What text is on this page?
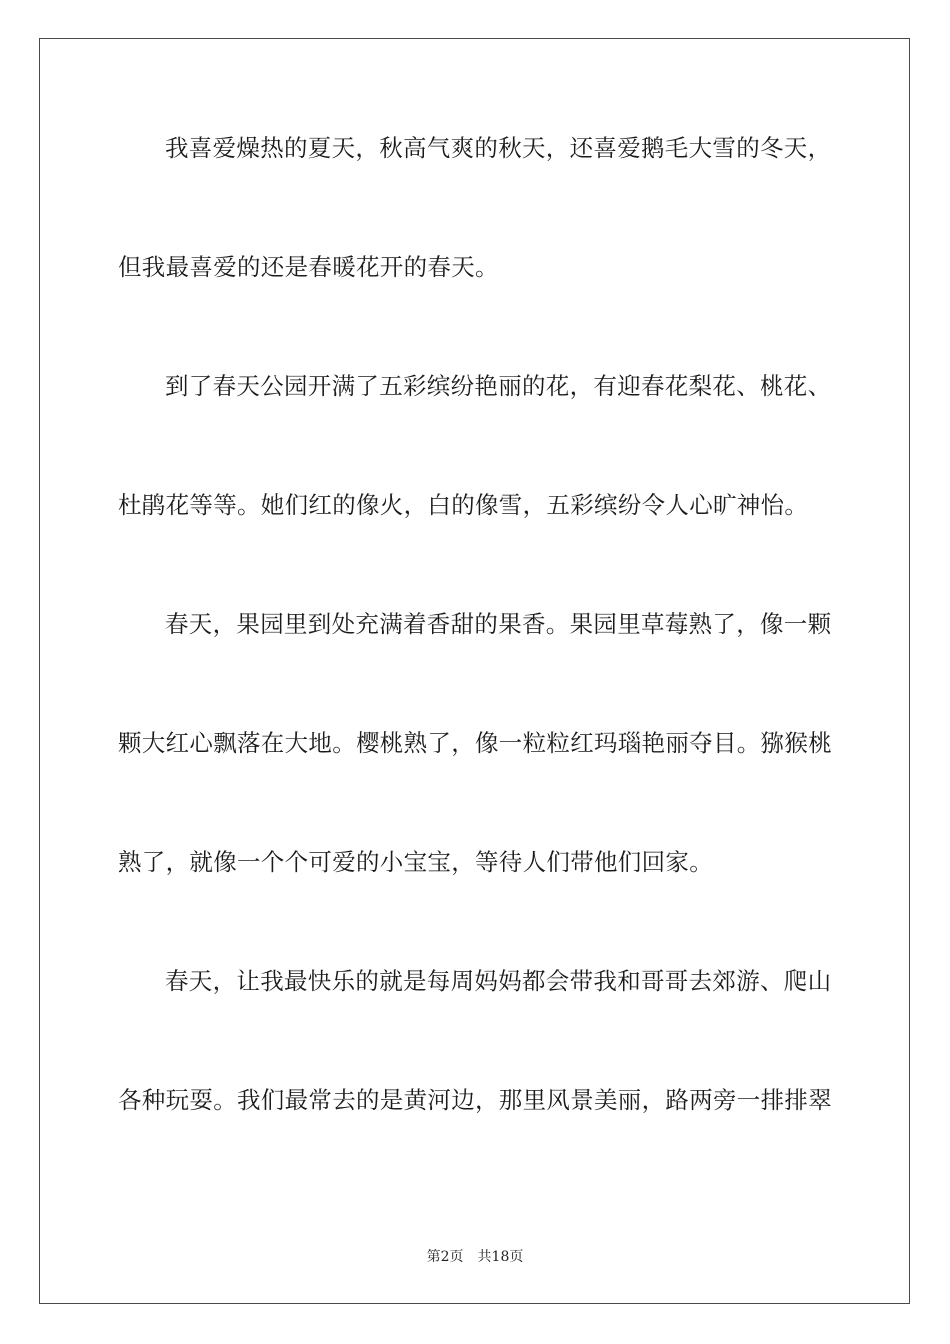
我喜爱燥热的夏天，秋高气爽的秋天，还喜爱鹅毛大雪的冬天，
但我最喜爱的还是春暖花开的春天。
到了春天公园开满了五彩缤纷艳丽的花，有迎春花梨花、桃花、
杜鹃花等等。她们红的像火，白的像雪，五彩缤纷令人心旷神怡。
春天，果园里到处充满着香甜的果香。果园里草莓熟了，像一颗
颗大红心飘落在大地。樱桃熟了，像一粒粒红玛瑙艳丽夺目。猕猴桃
熟了，就像一个个可爱的小宝宝，等待人们带他们回家。
春天，让我最快乐的就是每周妈妈都会带我和哥哥去郊游、爬山
各种玩耍。我们最常去的是黄河边，那里风景美丽，路两旁一排排翠
第2页 共18页
